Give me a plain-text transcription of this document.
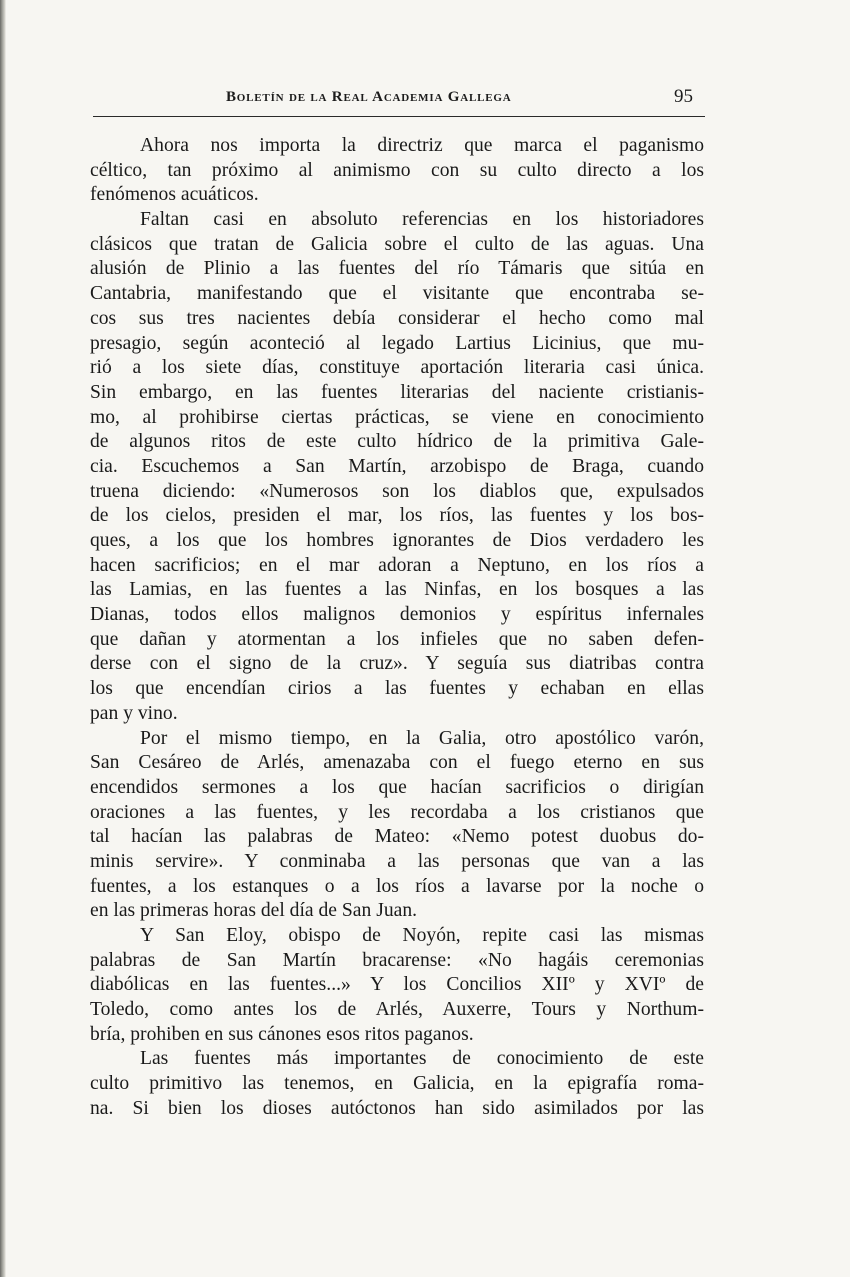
Boletín de la Real Academia Gallega	95
Ahora nos importa la directriz que marca el paganismo
céltico, tan próximo al animismo con su culto directo a los
fenómenos acuáticos.
Faltan casi en absoluto referencias en los historiadores
clásicos que tratan de Galicia sobre el culto de las aguas. Una
alusión de Plinio a las fuentes del río Támaris que sitúa en
Cantabria, manifestando que el visitante que encontraba se-
cos sus tres nacientes debía considerar el hecho como mal
presagio, según aconteció al legado Lartius Licinius, que mu-
rió a los siete días, constituye aportación literaria casi única.
Sin embargo, en las fuentes literarias del naciente cristianis-
mo, al prohibirse ciertas prácticas, se viene en conocimiento
de algunos ritos de este culto hídrico de la primitiva Gale-
cia. Escuchemos a San Martín, arzobispo de Braga, cuando
truena diciendo: «Numerosos son los diablos que, expulsados
de los cielos, presiden el mar, los ríos, las fuentes y los bos-
ques, a los que los hombres ignorantes de Dios verdadero les
hacen sacrificios; en el mar adoran a Neptuno, en los ríos a
las Lamias, en las fuentes a las Ninfas, en los bosques a las
Dianas, todos ellos malignos demonios y espíritus infernales
que dañan y atormentan a los infieles que no saben defen-
derse con el signo de la cruz». Y seguía sus diatribas contra
los que encendían cirios a las fuentes y echaban en ellas
pan y vino.
Por el mismo tiempo, en la Galia, otro apostólico varón,
San Cesáreo de Arlés, amenazaba con el fuego eterno en sus
encendidos sermones a los que hacían sacrificios o dirigían
oraciones a las fuentes, y les recordaba a los cristianos que
tal hacían las palabras de Mateo: «Nemo potest duobus do-
minis servire». Y conminaba a las personas que van a las
fuentes, a los estanques o a los ríos a lavarse por la noche o
en las primeras horas del día de San Juan.
Y San Eloy, obispo de Noyón, repite casi las mismas
palabras de San Martín bracarense: «No hagáis ceremonias
diabólicas en las fuentes...» Y los Concilios XIIº y XVIº de
Toledo, como antes los de Arlés, Auxerre, Tours y Northum-
bría, prohiben en sus cánones esos ritos paganos.
Las fuentes más importantes de conocimiento de este
culto primitivo las tenemos, en Galicia, en la epigrafía roma-
na. Si bien los dioses autóctonos han sido asimilados por las
